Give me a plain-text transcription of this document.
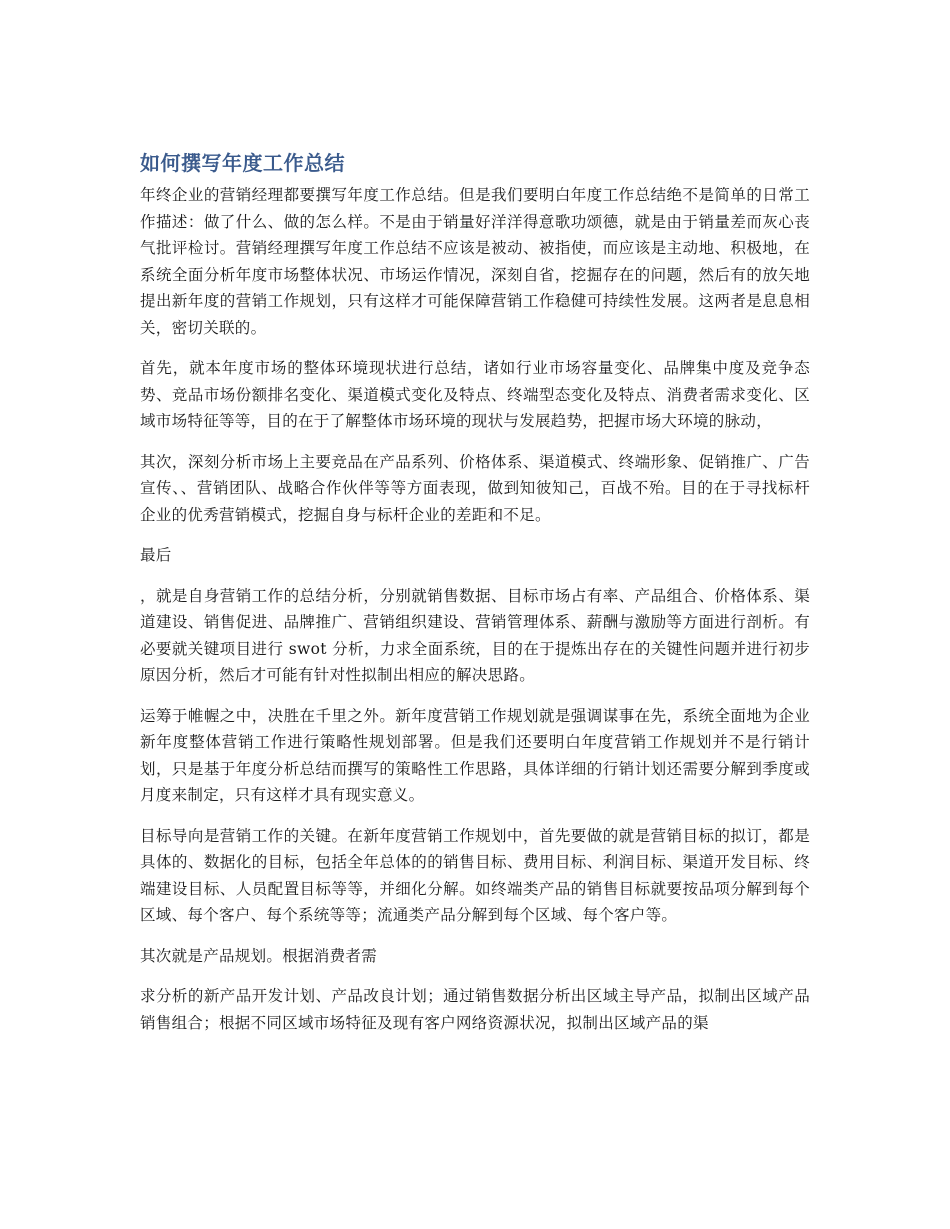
如何撰写年度工作总结

年终企业的营销经理都要撰写年度工作总结。但是我们要明白年度工作总结绝不是简单的日常工作描述：做了什么、做的怎么样。不是由于销量好洋洋得意歌功颂德，就是由于销量差而灰心丧气批评检讨。营销经理撰写年度工作总结不应该是被动、被指使，而应该是主动地、积极地，在系统全面分析年度市场整体状况、市场运作情况，深刻自省，挖掘存在的问题，然后有的放矢地提出新年度的营销工作规划，只有这样才可能保障营销工作稳健可持续性发展。这两者是息息相关，密切关联的。

首先，就本年度市场的整体环境现状进行总结，诸如行业市场容量变化、品牌集中度及竞争态势、竞品市场份额排名变化、渠道模式变化及特点、终端型态变化及特点、消费者需求变化、区域市场特征等等，目的在于了解整体市场环境的现状与发展趋势，把握市场大环境的脉动，

其次，深刻分析市场上主要竞品在产品系列、价格体系、渠道模式、终端形象、促销推广、广告宣传、、营销团队、战略合作伙伴等等方面表现，做到知彼知己，百战不殆。目的在于寻找标杆企业的优秀营销模式，挖掘自身与标杆企业的差距和不足。

最后

，就是自身营销工作的总结分析，分别就销售数据、目标市场占有率、产品组合、价格体系、渠道建设、销售促进、品牌推广、营销组织建设、营销管理体系、薪酬与激励等方面进行剖析。有必要就关键项目进行 swot 分析，力求全面系统，目的在于提炼出存在的关键性问题并进行初步原因分析，然后才可能有针对性拟制出相应的解决思路。

运筹于帷幄之中，决胜在千里之外。新年度营销工作规划就是强调谋事在先，系统全面地为企业新年度整体营销工作进行策略性规划部署。但是我们还要明白年度营销工作规划并不是行销计划，只是基于年度分析总结而撰写的策略性工作思路，具体详细的行销计划还需要分解到季度或月度来制定，只有这样才具有现实意义。

目标导向是营销工作的关键。在新年度营销工作规划中，首先要做的就是营销目标的拟订，都是具体的、数据化的目标，包括全年总体的的销售目标、费用目标、利润目标、渠道开发目标、终端建设目标、人员配置目标等等，并细化分解。如终端类产品的销售目标就要按品项分解到每个区域、每个客户、每个系统等等；流通类产品分解到每个区域、每个客户等。

其次就是产品规划。根据消费者需

求分析的新产品开发计划、产品改良计划；通过销售数据分析出区域主导产品，拟制出区域产品销售组合；根据不同区域市场特征及现有客户网络资源状况，拟制出区域产品的渠
